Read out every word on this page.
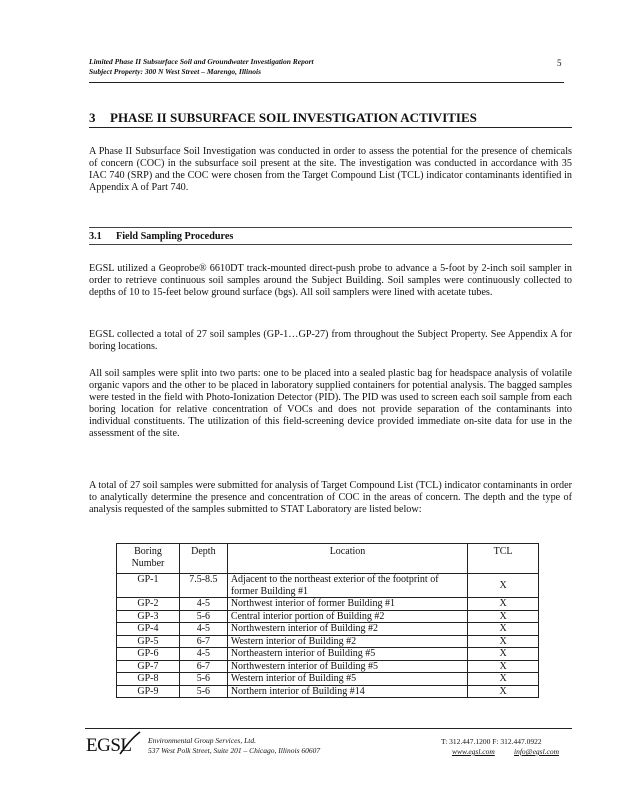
Limited Phase II Subsurface Soil and Groundwater Investigation Report
Subject Property: 300 N West Street – Marengo, Illinois
5
3 PHASE II SUBSURFACE SOIL INVESTIGATION ACTIVITIES
A Phase II Subsurface Soil Investigation was conducted in order to assess the potential for the presence of chemicals of concern (COC) in the subsurface soil present at the site. The investigation was conducted in accordance with 35 IAC 740 (SRP) and the COC were chosen from the Target Compound List (TCL) indicator contaminants identified in Appendix A of Part 740.
3.1 Field Sampling Procedures
EGSL utilized a Geoprobe® 6610DT track-mounted direct-push probe to advance a 5-foot by 2-inch soil sampler in order to retrieve continuous soil samples around the Subject Building. Soil samples were continuously collected to depths of 10 to 15-feet below ground surface (bgs). All soil samplers were lined with acetate tubes.
EGSL collected a total of 27 soil samples (GP-1…GP-27) from throughout the Subject Property. See Appendix A for boring locations.
All soil samples were split into two parts: one to be placed into a sealed plastic bag for headspace analysis of volatile organic vapors and the other to be placed in laboratory supplied containers for potential analysis. The bagged samples were tested in the field with Photo-Ionization Detector (PID). The PID was used to screen each soil sample from each boring location for relative concentration of VOCs and does not provide separation of the contaminants into individual constituents. The utilization of this field-screening device provided immediate on-site data for use in the assessment of the site.
A total of 27 soil samples were submitted for analysis of Target Compound List (TCL) indicator contaminants in order to analytically determine the presence and concentration of COC in the areas of concern. The depth and the type of analysis requested of the samples submitted to STAT Laboratory are listed below:
Boring Number	Depth	Location	TCL
GP-1	7.5-8.5	Adjacent to the northeast exterior of the footprint of former Building #1	X
GP-2	4-5	Northwest interior of former Building #1	X
GP-3	5-6	Central interior portion of Building #2	X
GP-4	4-5	Northwestern interior of Building #2	X
GP-5	6-7	Western interior of Building #2	X
GP-6	4-5	Northeastern interior of Building #5	X
GP-7	6-7	Northwestern interior of Building #5	X
GP-8	5-6	Western interior of Building #5	X
GP-9	5-6	Northern interior of Building #14	X
EGSL Environmental Group Services, Ltd.
537 West Polk Street, Suite 201 – Chicago, Illinois 60607
T: 312.447.1200 F: 312.447.0922
www.egsl.com	info@egsl.com
